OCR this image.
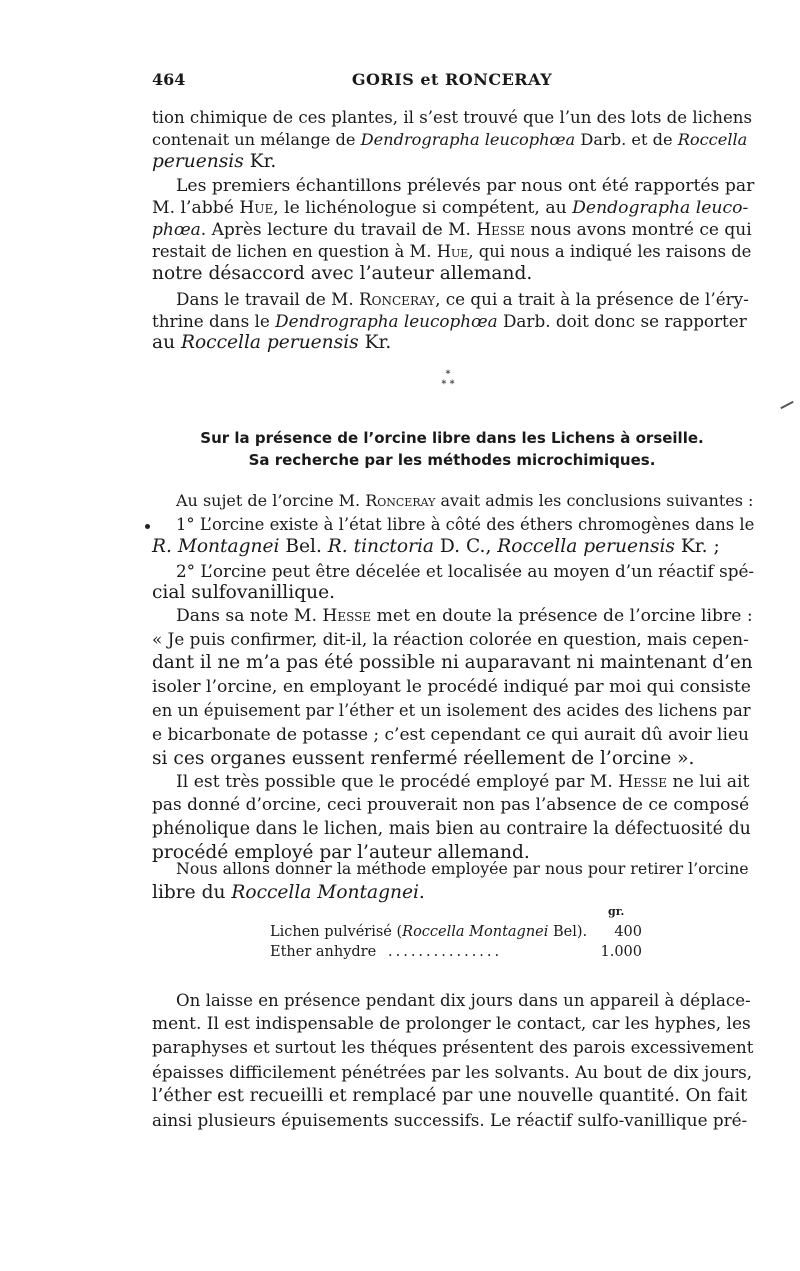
464	GORIS et RONCERAY
tion chimique de ces plantes, il s’est trouvé que l’un des lots de lichens
contenait un mélange de Dendrographa leucophœa Darb. et de Roccella
peruensis Kr.
Les premiers échantillons prélevés par nous ont été rapportés par
M. l’abbé Hue, le lichénologue si compétent, au Dendographa leuco-
phœa. Après lecture du travail de M. Hesse nous avons montré ce qui
restait de lichen en question à M. Hue, qui nous a indiqué les raisons de
notre désaccord avec l’auteur allemand.
Dans le travail de M. Ronceray, ce qui a trait à la présence de l’éry-
thrine dans le Dendrographa leucophœa Darb. doit donc se rapporter
au Roccella peruensis Kr.
*
* *
Sur la présence de l’orcine libre dans les Lichens à orseille.
Sa recherche par les méthodes microchimiques.
Au sujet de l’orcine M. Ronceray avait admis les conclusions suivantes :
1° L’orcine existe à l’état libre à côté des éthers chromogènes dans le
R. Montagnei Bel. R. tinctoria D. C., Roccella peruensis Kr. ;
2° L’orcine peut être décelée et localisée au moyen d’un réactif spé-
cial sulfovanillique.
Dans sa note M. Hesse met en doute la présence de l’orcine libre :
« Je puis confirmer, dit-il, la réaction colorée en question, mais cepen-
dant il ne m’a pas été possible ni auparavant ni maintenant d’en
isoler l’orcine, en employant le procédé indiqué par moi qui consiste
en un épuisement par l’éther et un isolement des acides des lichens par
e bicarbonate de potasse ; c’est cependant ce qui aurait dû avoir lieu
si ces organes eussent renfermé réellement de l’orcine ».
Il est très possible que le procédé employé par M. Hesse ne lui ait
pas donné d’orcine, ceci prouverait non pas l’absence de ce composé
phénolique dans le lichen, mais bien au contraire la défectuosité du
procédé employé par l’auteur allemand.
Nous allons donner la méthode employée par nous pour retirer l’orcine
libre du Roccella Montagnei.
gr.
Lichen pulvérisé (Roccella Montagnei Bel). 400
Ether anhydre ...............	1.000
On laisse en présence pendant dix jours dans un appareil à déplace-
ment. Il est indispensable de prolonger le contact, car les hyphes, les
paraphyses et surtout les théques présentent des parois excessivement
épaisses difficilement pénétrées par les solvants. Au bout de dix jours,
l’éther est recueilli et remplacé par une nouvelle quantité. On fait
ainsi plusieurs épuisements successifs. Le réactif sulfo-vanillique pré-
